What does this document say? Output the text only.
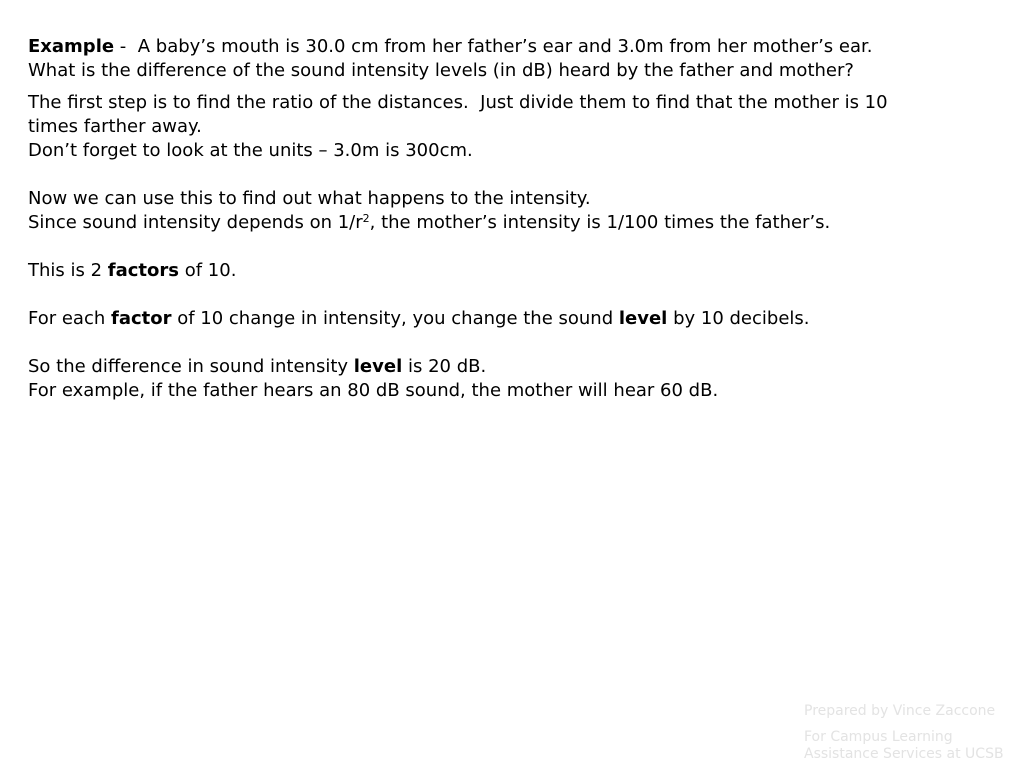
Example -  A baby’s mouth is 30.0 cm from her father’s ear and 3.0m from her mother’s ear.
What is the difference of the sound intensity levels (in dB) heard by the father and mother?
The first step is to find the ratio of the distances.  Just divide them to find that the mother is 10
times farther away.
Don’t forget to look at the units – 3.0m is 300cm.
Now we can use this to find out what happens to the intensity.
Since sound intensity depends on $1/r^2$, the mother’s intensity is 1/100 times the father’s.
This is 2 factors of 10.
For each factor of 10 change in intensity, you change the sound level by 10 decibels.
So the difference in sound intensity level is 20 dB.
For example, if the father hears an 80 dB sound, the mother will hear 60 dB.
Prepared by Vince Zaccone
For Campus Learning
Assistance Services at UCSB
